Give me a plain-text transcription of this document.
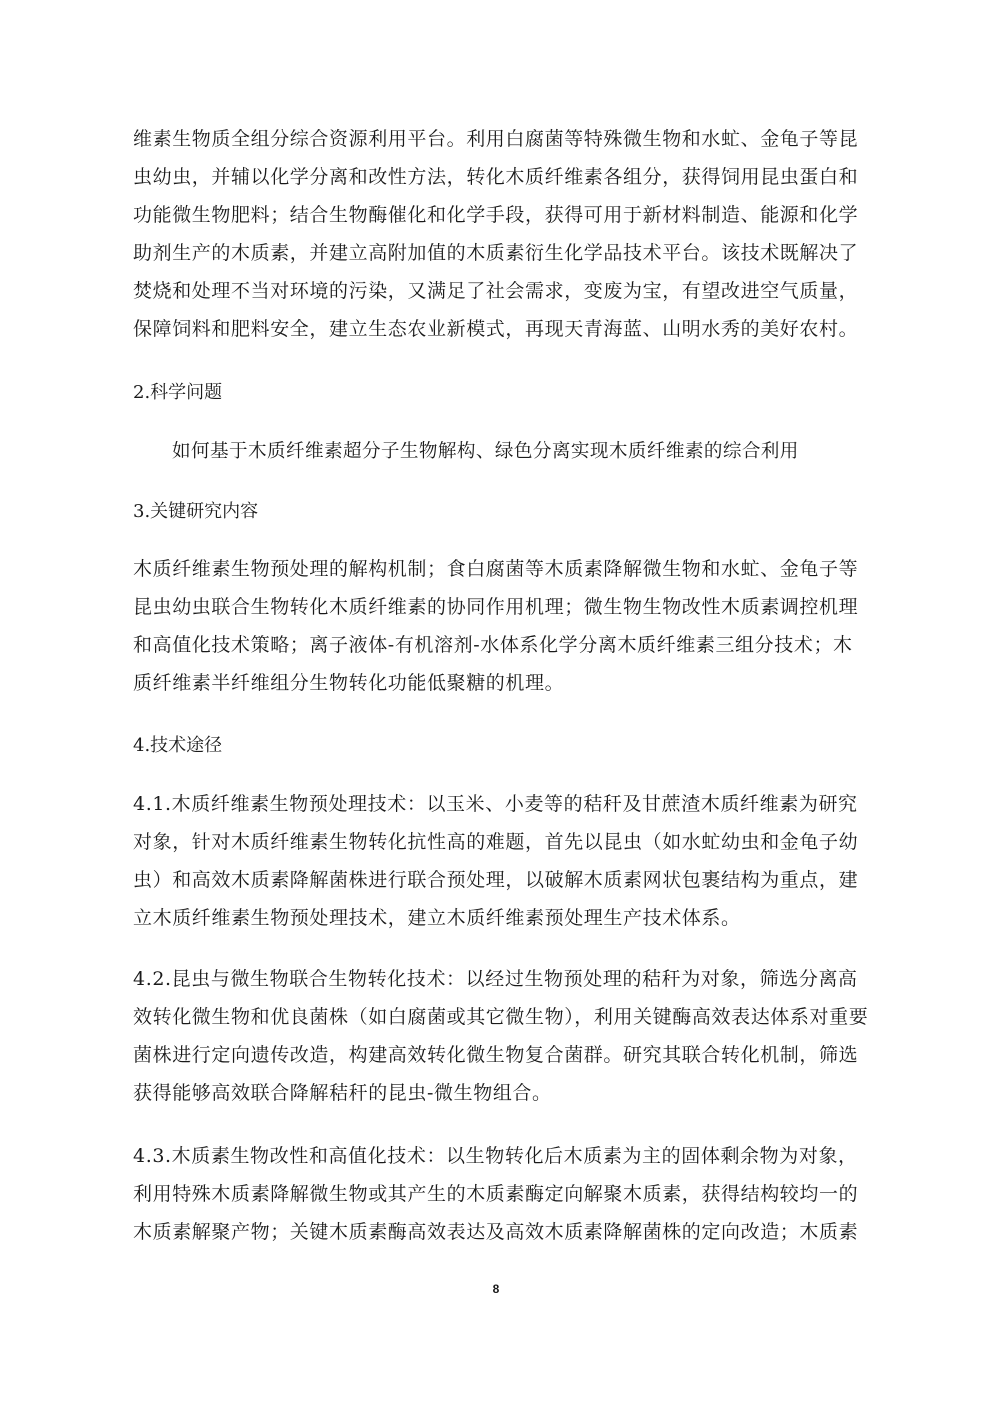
维素生物质全组分综合资源利用平台。利用白腐菌等特殊微生物和水虻、金龟子等昆
虫幼虫，并辅以化学分离和改性方法，转化木质纤维素各组分，获得饲用昆虫蛋白和
功能微生物肥料；结合生物酶催化和化学手段，获得可用于新材料制造、能源和化学
助剂生产的木质素，并建立高附加值的木质素衍生化学品技术平台。该技术既解决了
焚烧和处理不当对环境的污染，又满足了社会需求，变废为宝，有望改进空气质量，
保障饲料和肥料安全，建立生态农业新模式，再现天青海蓝、山明水秀的美好农村。
2.科学问题
如何基于木质纤维素超分子生物解构、绿色分离实现木质纤维素的综合利用
3.关键研究内容
木质纤维素生物预处理的解构机制；食白腐菌等木质素降解微生物和水虻、金龟子等
昆虫幼虫联合生物转化木质纤维素的协同作用机理；微生物生物改性木质素调控机理
和高值化技术策略；离子液体-有机溶剂-水体系化学分离木质纤维素三组分技术；木
质纤维素半纤维组分生物转化功能低聚糖的机理。
4.技术途径
4.1.木质纤维素生物预处理技术：以玉米、小麦等的秸秆及甘蔗渣木质纤维素为研究
对象，针对木质纤维素生物转化抗性高的难题，首先以昆虫（如水虻幼虫和金龟子幼
虫）和高效木质素降解菌株进行联合预处理，以破解木质素网状包裹结构为重点，建
立木质纤维素生物预处理技术，建立木质纤维素预处理生产技术体系。
4.2.昆虫与微生物联合生物转化技术：以经过生物预处理的秸秆为对象，筛选分离高
效转化微生物和优良菌株（如白腐菌或其它微生物），利用关键酶高效表达体系对重要
菌株进行定向遗传改造，构建高效转化微生物复合菌群。研究其联合转化机制，筛选
获得能够高效联合降解秸秆的昆虫-微生物组合。
4.3.木质素生物改性和高值化技术：以生物转化后木质素为主的固体剩余物为对象，
利用特殊木质素降解微生物或其产生的木质素酶定向解聚木质素，获得结构较均一的
木质素解聚产物；关键木质素酶高效表达及高效木质素降解菌株的定向改造；木质素
8
